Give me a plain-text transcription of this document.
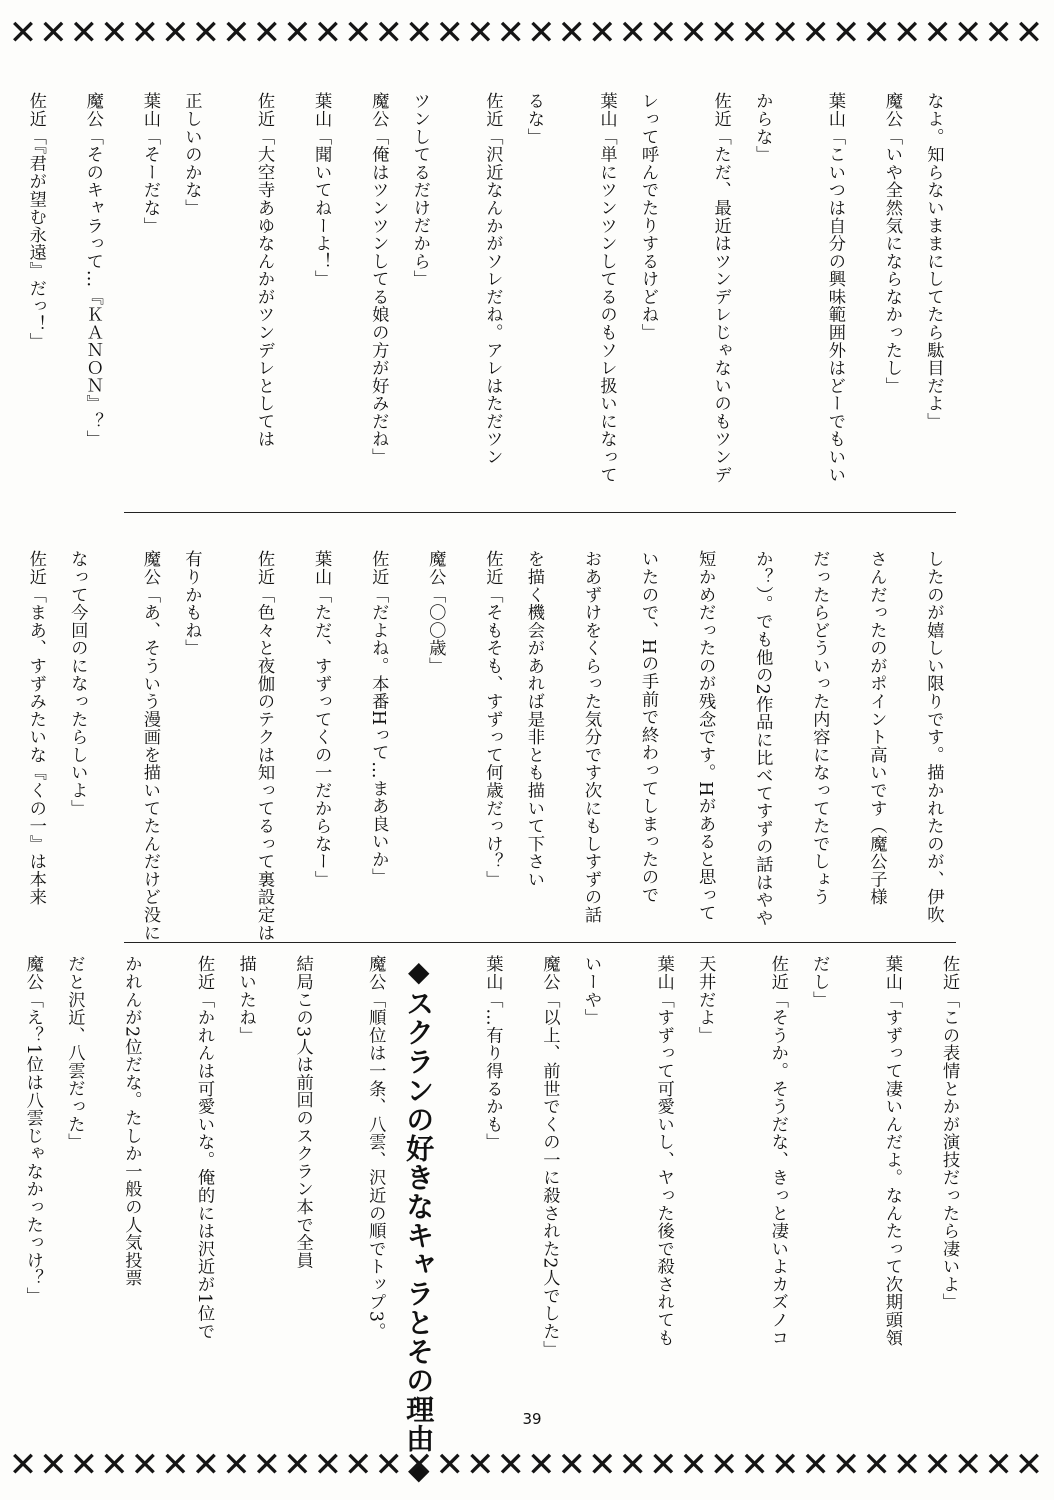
✕✕✕✕✕✕✕✕✕✕✕✕✕✕✕✕✕✕✕✕✕✕✕✕✕✕✕✕✕✕✕✕✕✕
なよ。知らないままにしてたら駄目だよ」
魔公「いや全然気にならなかったし」
葉山「こいつは自分の興味範囲外はどーでもいい
からな」
佐近「ただ、最近はツンデレじゃないのもツンデ
レって呼んでたりするけどね」
葉山「単にツンツンしてるのもソレ扱いになって
るな」
佐近「沢近なんかがソレだね。アレはただツン
ツンしてるだけだから」
魔公「俺はツンツンしてる娘の方が好みだね」
葉山「聞いてねーよ！」
佐近「大空寺あゆなんかがツンデレとしては
正しいのかな」
葉山「そーだな」
魔公「そのキャラって…『ＫＡＮＯＮ』？」
佐近「『君が望む永遠』だっ！」
したのが嬉しい限りです。描かれたのが、伊吹
さんだったのがポイント高いです（魔公子様
だったらどういった内容になってたでしょう
か？）。でも他の2作品に比べてすずの話はやや
短かめだったのが残念です。Hがあると思って
いたので、Hの手前で終わってしまったので
おあずけをくらった気分です次にもしすずの話
を描く機会があれば是非とも描いて下さい
佐近「そもそも、すずって何歳だっけ？」
魔公「〇〇歳」
佐近「だよね。本番Hって…まあ良いか」
葉山「ただ、すずってくの一だからなー」
佐近「色々と夜伽のテクは知ってるって裏設定は
有りかもね」
魔公「あ、そういう漫画を描いてたんだけど没に
なって今回のになったらしいよ」
佐近「まあ、すずみたいな『くの一』は本来
佐近「この表情とかが演技だったら凄いよ」
葉山「すずって凄いんだよ。なんたって次期頭領
だし」
佐近「そうか。そうだな、きっと凄いよカズノコ
天井だよ」
葉山「すずって可愛いし、ヤった後で殺されても
いーや」
魔公「以上、前世でくの一に殺された2人でした」
葉山「…有り得るかも」
◆スクランの好きなキャラとその理由◆
魔公「順位は一条、八雲、沢近の順でトップ3。
結局この3人は前回のスクラン本で全員
描いたね」
佐近「かれんは可愛いな。俺的には沢近が1位で
かれんが2位だな。たしか一般の人気投票
だと沢近、八雲だった」
魔公「え？1位は八雲じゃなかったっけ？」
39
✕✕✕✕✕✕✕✕✕✕✕✕✕✕✕✕✕✕✕✕✕✕✕✕✕✕✕✕✕✕✕✕✕✕
